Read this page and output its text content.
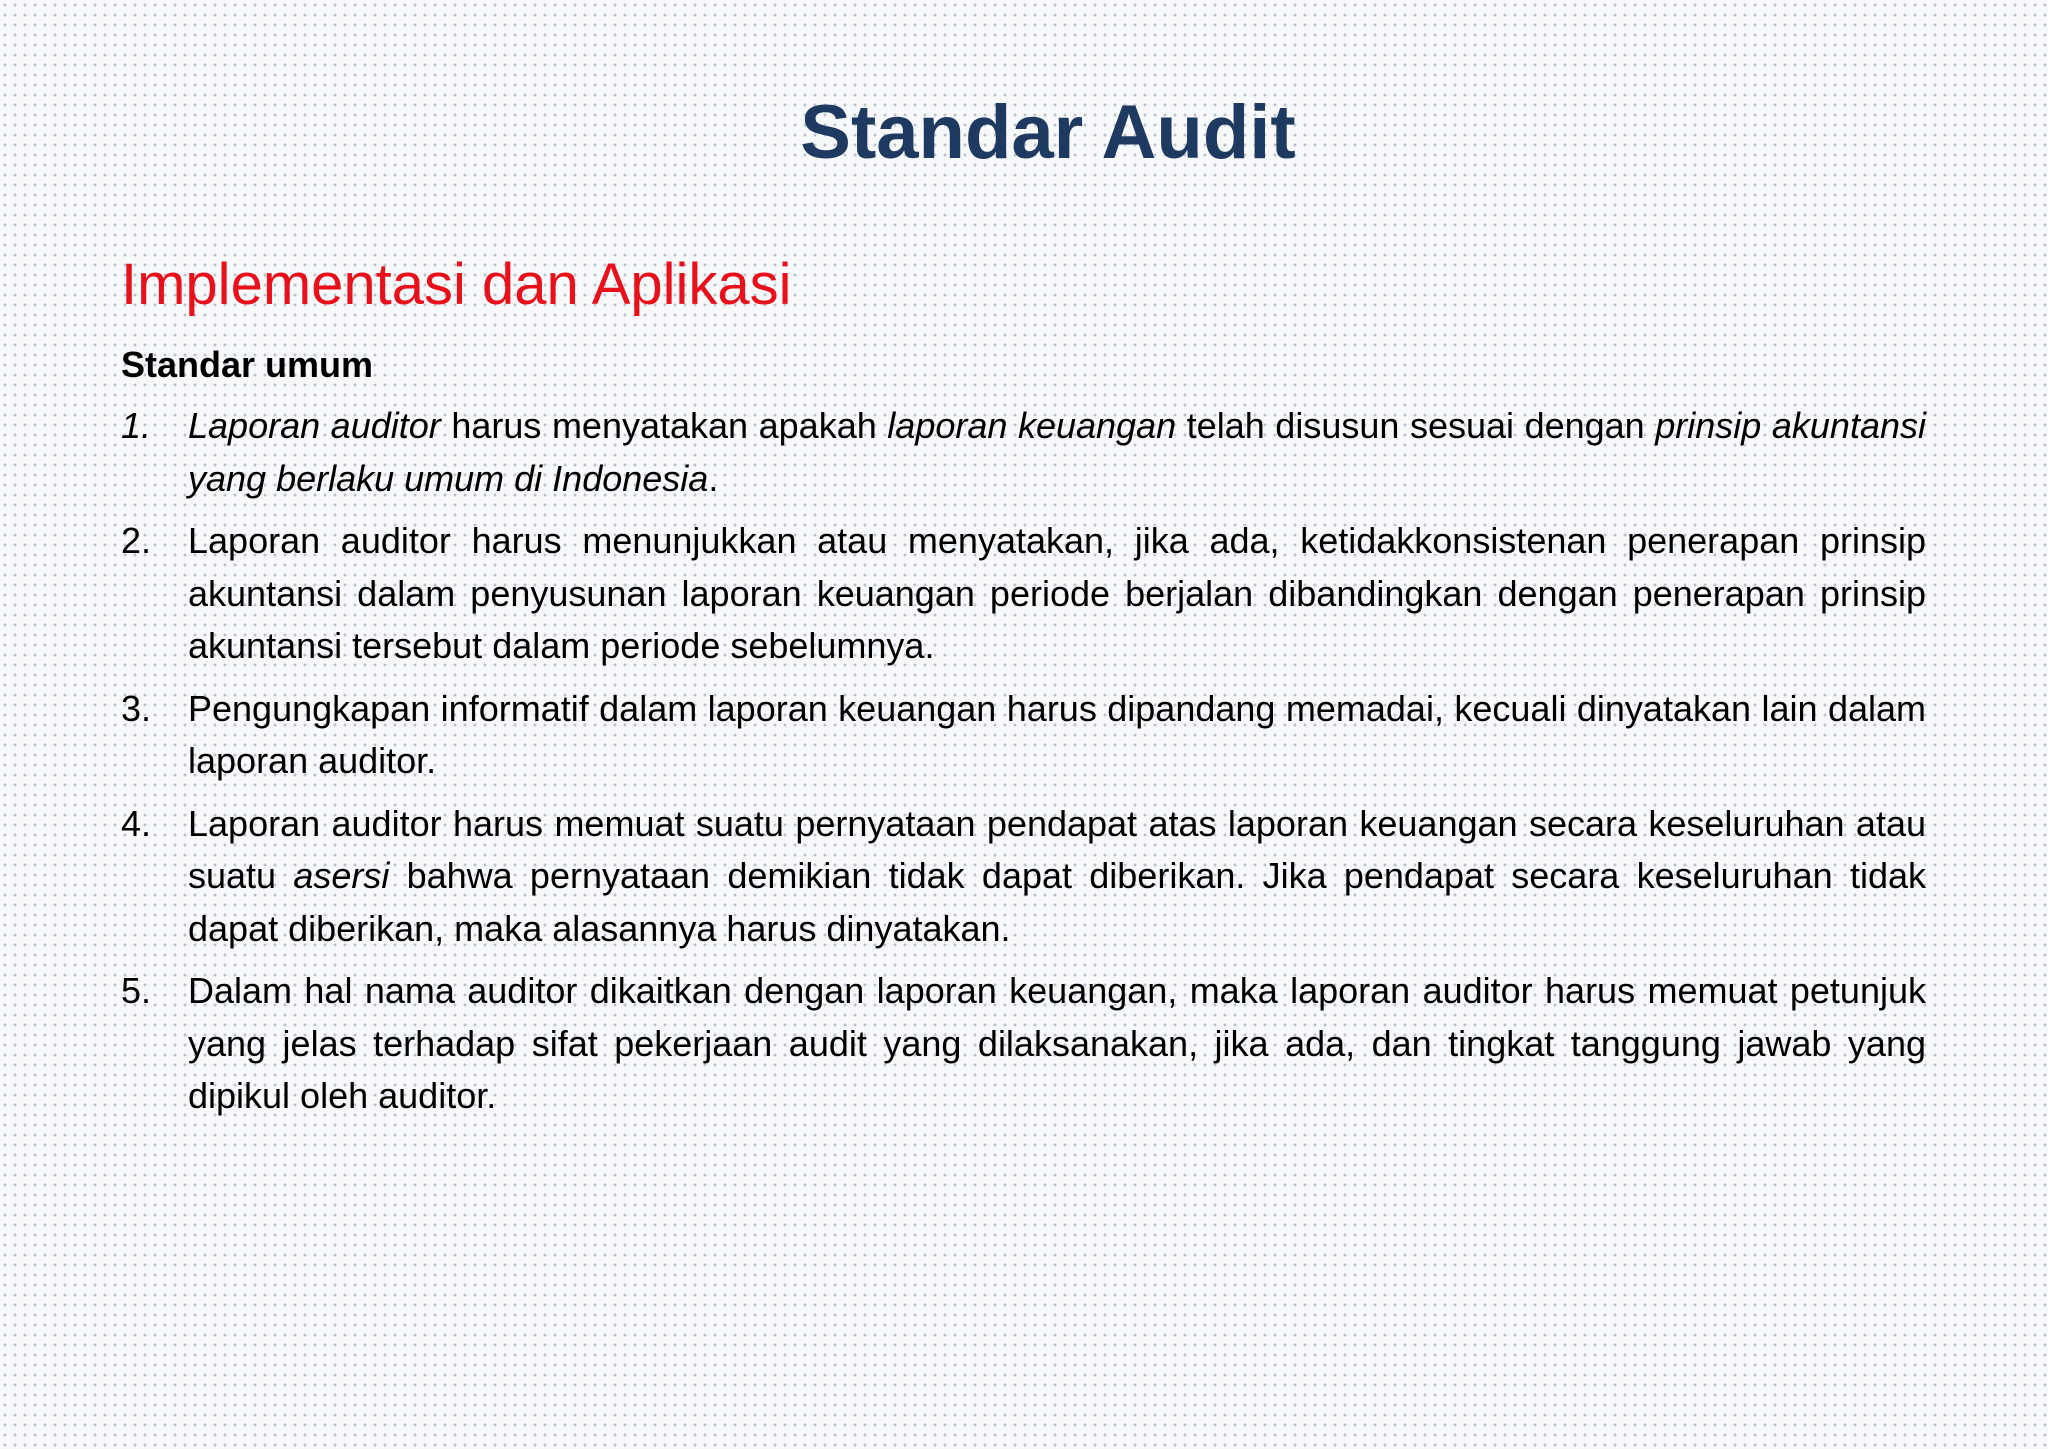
Standar Audit
Implementasi dan Aplikasi
Standar umum
1. Laporan auditor harus menyatakan apakah laporan keuangan telah disusun sesuai dengan prinsip akuntansi yang berlaku umum di Indonesia.
2. Laporan auditor harus menunjukkan atau menyatakan, jika ada, ketidakkonsistenan penerapan prinsip akuntansi dalam penyusunan laporan keuangan periode berjalan dibandingkan dengan penerapan prinsip akuntansi tersebut dalam periode sebelumnya.
3. Pengungkapan informatif dalam laporan keuangan harus dipandang memadai, kecuali dinyatakan lain dalam laporan auditor.
4. Laporan auditor harus memuat suatu pernyataan pendapat atas laporan keuangan secara keseluruhan atau suatu asersi bahwa pernyataan demikian tidak dapat diberikan. Jika pendapat secara keseluruhan tidak dapat diberikan, maka alasannya harus dinyatakan.
5. Dalam hal nama auditor dikaitkan dengan laporan keuangan, maka laporan auditor harus memuat petunjuk yang jelas terhadap sifat pekerjaan audit yang dilaksanakan, jika ada, dan tingkat tanggung jawab yang dipikul oleh auditor.
